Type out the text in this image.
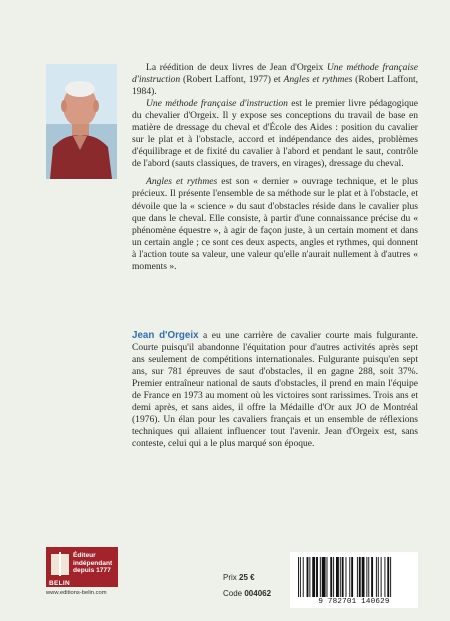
La réédition de deux livres de Jean d'Orgeix Une méthode française d'instruction (Robert Laffont, 1977) et Angles et rythmes (Robert Laffont, 1984).

Une méthode française d'instruction est le premier livre pédagogique du chevalier d'Orgeix. Il y expose ses conceptions du travail de base en matière de dressage du cheval et d'École des Aides : position du cavalier sur le plat et à l'obstacle, accord et indépendance des aides, problèmes d'équilibrage et de fixité du cavalier à l'abord et pendant le saut, contrôle de l'abord (sauts classiques, de travers, en virages), dressage du cheval.

Angles et rythmes est son « dernier » ouvrage technique, et le plus précieux. Il présente l'ensemble de sa méthode sur le plat et à l'obstacle, et dévoile que la « science » du saut d'obstacles réside dans le cavalier plus que dans le cheval. Elle consiste, à partir d'une connaissance précise du « phénomène équestre », à agir de façon juste, à un certain moment et dans un certain angle ; ce sont ces deux aspects, angles et rythmes, qui donnent à l'action toute sa valeur, une valeur qu'elle n'aurait nullement à d'autres « moments ».

Jean d'Orgeix a eu une carrière de cavalier courte mais fulgurante. Courte puisqu'il abandonne l'équitation pour d'autres activités après sept ans seulement de compétitions internationales. Fulgurante puisqu'en sept ans, sur 781 épreuves de saut d'obstacles, il en gagne 288, soit 37%. Premier entraîneur national de sauts d'obstacles, il prend en main l'équipe de France en 1973 au moment où les victoires sont rarissimes. Trois ans et demi après, et sans aides, il offre la Médaille d'Or aux JO de Montréal (1976). Un élan pour les cavaliers français et un ensemble de réflexions techniques qui allaient influencer tout l'avenir. Jean d'Orgeix est, sans conteste, celui qui a le plus marqué son époque.

BELIN
Éditeur
indépendant
depuis 1777
www.editions-belin.com
Prix 25 €
Code 004062
9 782701 140629
